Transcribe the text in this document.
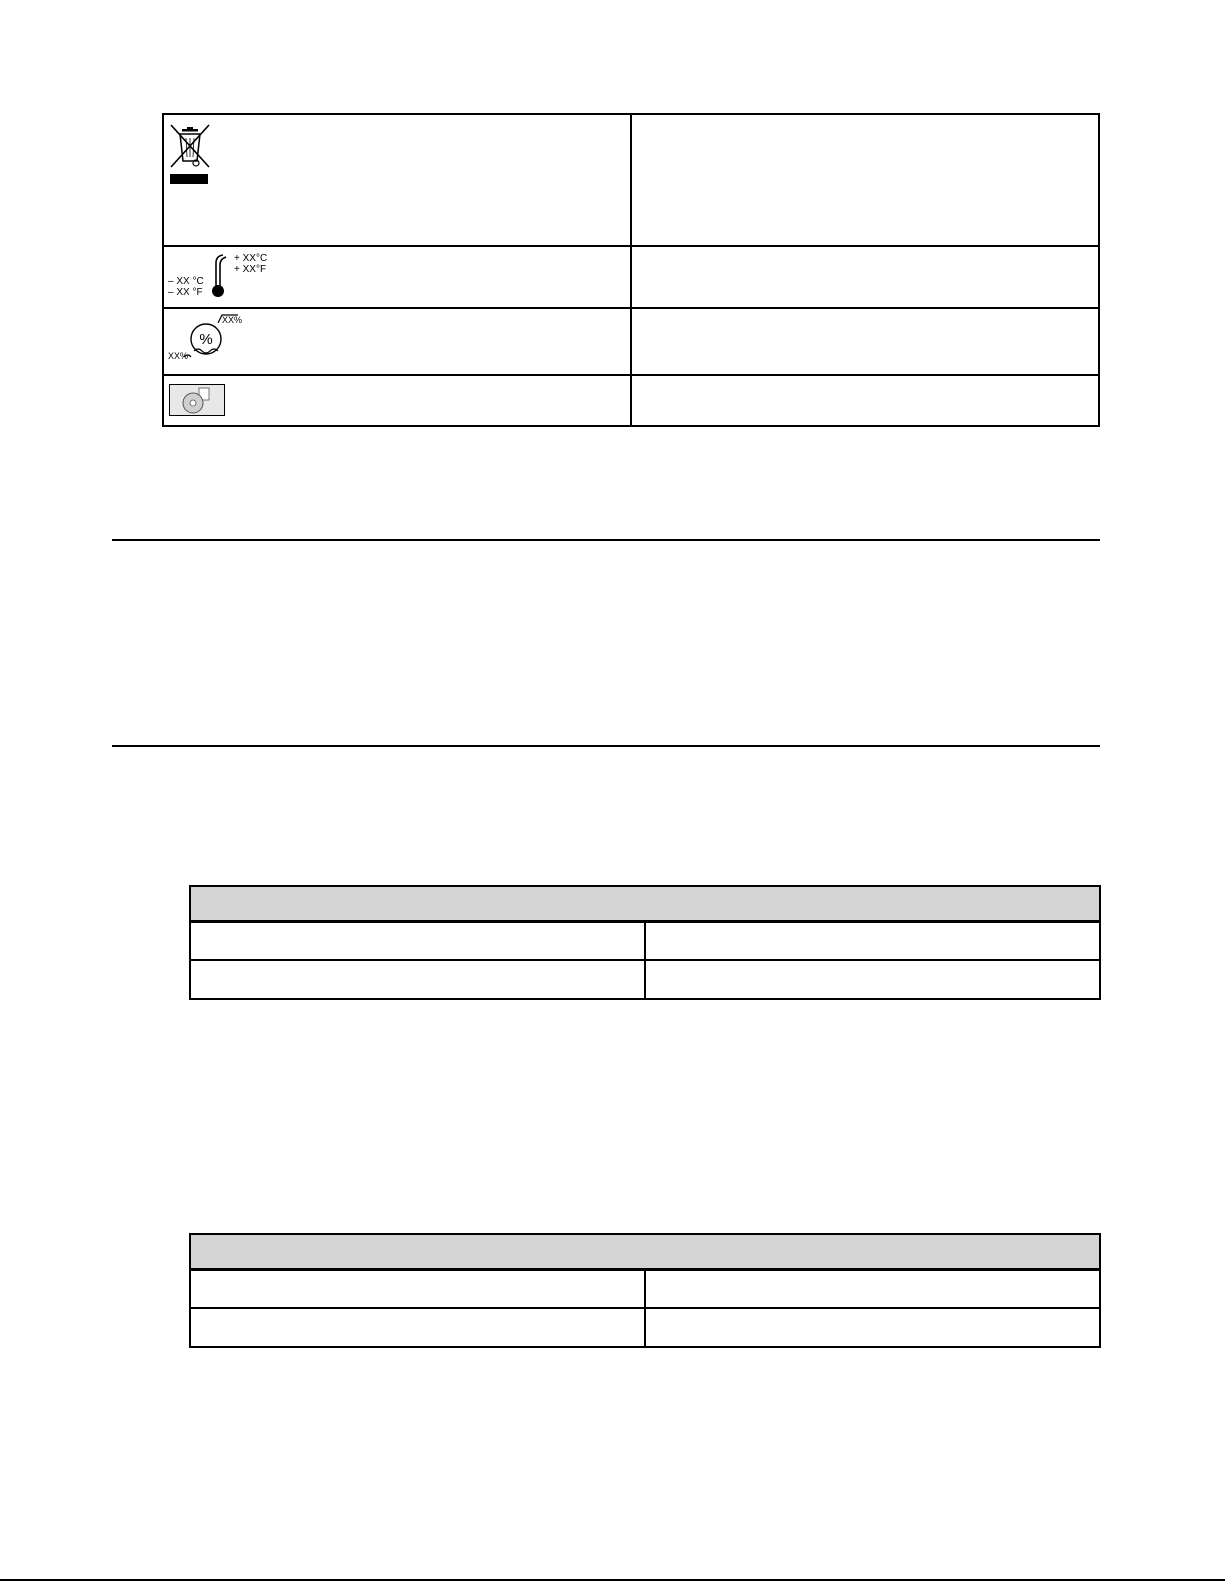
+ XX°C
+ XX°F
– XX °C
– XX °F
%
XX%
XX%
